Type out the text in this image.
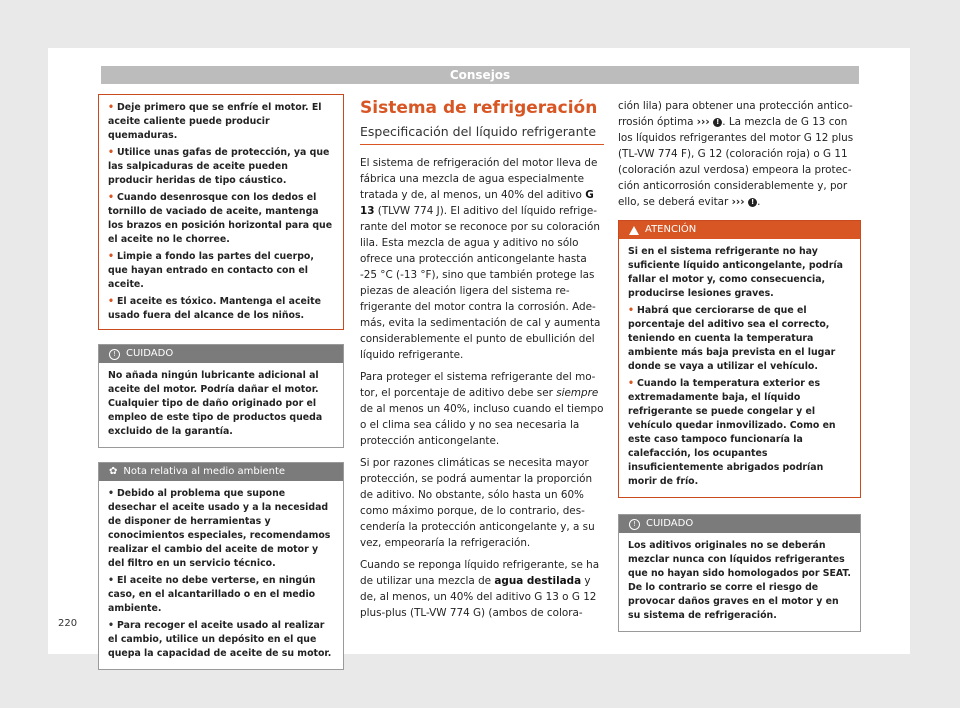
Consejos

• Deje primero que se enfríe el motor. El aceite caliente puede producir quemaduras.

• Utilice unas gafas de protección, ya que las salpicaduras de aceite pueden producir heridas de tipo cáustico.

• Cuando desenrosque con los dedos el tornillo de vaciado de aceite, mantenga los brazos en posición horizontal para que el aceite no le chorree.

• Limpie a fondo las partes del cuerpo, que hayan entrado en contacto con el aceite.

• El aceite es tóxico. Mantenga el aceite usado fuera del alcance de los niños.

!	CUIDADO
No añada ningún lubricante adicional al aceite del motor. Podría dañar el motor. Cualquier tipo de daño originado por el empleo de este tipo de productos queda excluido de la garantía.
✿ Nota relativa al medio ambiente

• Debido al problema que supone desechar el aceite usado y a la necesidad de disponer de herramientas y conocimientos especiales, recomendamos realizar el cambio del aceite de motor y del filtro en un servicio técnico.

• El aceite no debe verterse, en ningún caso, en el alcantarillado o en el medio ambiente.

• Para recoger el aceite usado al realizar el cambio, utilice un depósito en el que quepa la capacidad de aceite de su motor.

Sistema de refrigeración
Especificación del líquido refrigerante

El sistema de refrigeración del motor lleva de fábrica una mezcla de agua especialmente tratada y de, al menos, un 40% del aditivo G 13 (TLVW 774 J). El aditivo del líquido refrigerante del motor se reconoce por su coloración lila. Esta mezcla de agua y aditivo no sólo ofrece una protección anticongelante hasta -25 °C (-13 °F), sino que también protege las piezas de aleación ligera del sistema refrigerante del motor contra la corrosión. Además, evita la sedimentación de cal y aumenta considerablemente el punto de ebullición del líquido refrigerante.

Para proteger el sistema refrigerante del motor, el porcentaje de aditivo debe ser siempre de al menos un 40%, incluso cuando el tiempo o el clima sea cálido y no sea necesaria la protección anticongelante.

Si por razones climáticas se necesita mayor protección, se podrá aumentar la proporción de aditivo. No obstante, sólo hasta un 60% como máximo porque, de lo contrario, descendería la protección anticongelante y, a su vez, empeoraría la refrigeración.

Cuando se reponga líquido refrigerante, se ha de utilizar una mezcla de agua destilada y de, al menos, un 40% del aditivo G 13 o G 12 plus-plus (TL-VW 774 G) (ambos de colora-

ción lila) para obtener una protección anticorrosión óptima ››› ! . La mezcla de G 13 con los líquidos refrigerantes del motor G 12 plus (TL-VW 774 F), G 12 (coloración roja) o G 11 (coloración azul verdosa) empeora la protección anticorrosión considerablemente y, por ello, se deberá evitar ››› ! .

ATENCIÓN

Si en el sistema refrigerante no hay suficiente líquido anticongelante, podría fallar el motor y, como consecuencia, producirse lesiones graves.

• Habrá que cerciorarse de que el porcentaje del aditivo sea el correcto, teniendo en cuenta la temperatura ambiente más baja prevista en el lugar donde se vaya a utilizar el vehículo.

• Cuando la temperatura exterior es extremadamente baja, el líquido refrigerante se puede congelar y el vehículo quedar inmovilizado. Como en este caso tampoco funcionaría la calefacción, los ocupantes insuficientemente abrigados podrían morir de frío.

!	CUIDADO
Los aditivos originales no se deberán mezclar nunca con líquidos refrigerantes que no hayan sido homologados por SEAT. De lo contrario se corre el riesgo de provocar daños graves en el motor y en su sistema de refrigeración.
220
